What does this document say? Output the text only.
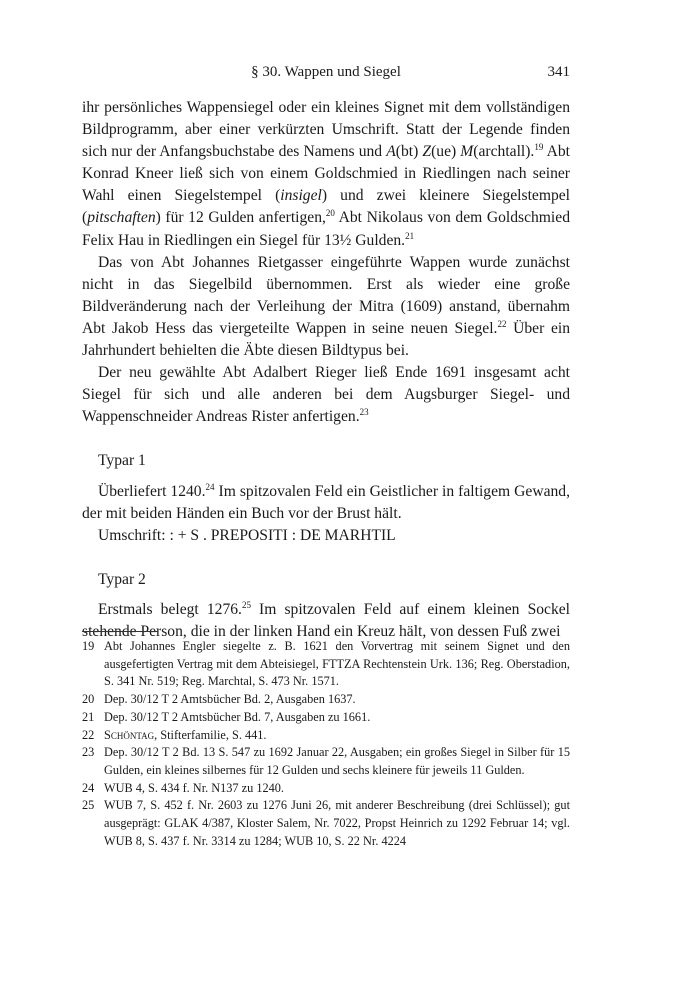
§ 30. Wappen und Siegel	341

ihr persönliches Wappensiegel oder ein kleines Signet mit dem vollständigen Bildprogramm, aber einer verkürzten Umschrift. Statt der Legende finden sich nur der Anfangsbuchstabe des Namens und A(bt) Z(ue) M(archtall).$^{19}$ Abt Konrad Kneer ließ sich von einem Goldschmied in Riedlingen nach seiner Wahl einen Siegelstempel (insigel) und zwei kleinere Siegelstempel (pitschaften) für 12 Gulden anfertigen,$^{20}$ Abt Nikolaus von dem Goldschmied Felix Hau in Riedlingen ein Siegel für 13½ Gulden.$^{21}$

Das von Abt Johannes Rietgasser eingeführte Wappen wurde zunächst nicht in das Siegelbild übernommen. Erst als wieder eine große Bildveränderung nach der Verleihung der Mitra (1609) anstand, übernahm Abt Jakob Hess das viergeteilte Wappen in seine neuen Siegel.$^{22}$ Über ein Jahrhundert behielten die Äbte diesen Bildtypus bei.

Der neu gewählte Abt Adalbert Rieger ließ Ende 1691 insgesamt acht Siegel für sich und alle anderen bei dem Augsburger Siegel- und Wappenschneider Andreas Rister anfertigen.$^{23}$

Typar 1

Überliefert 1240.24 Im spitzovalen Feld ein Geistlicher in faltigem Gewand, der mit beiden Händen ein Buch vor der Brust hält.

Umschrift: : + S . PREPOSITI : DE MARHTIL

Typar 2

Erstmals belegt 1276.25 Im spitzovalen Feld auf einem kleinen Sockel stehende Person, die in der linken Hand ein Kreuz hält, von dessen Fuß zwei

19 Abt Johannes Engler siegelte z. B. 1621 den Vorvertrag mit seinem Signet und den ausgefertigten Vertrag mit dem Abteisiegel, FTTZA Rechtenstein Urk. 136; Reg. Oberstadion, S. 341 Nr. 519; Reg. Marchtal, S. 473 Nr. 1571.
20 Dep. 30/12 T 2 Amtsbücher Bd. 2, Ausgaben 1637.
21 Dep. 30/12 T 2 Amtsbücher Bd. 7, Ausgaben zu 1661.
22 Schöntag, Stifterfamilie, S. 441.
23 Dep. 30/12 T 2 Bd. 13 S. 547 zu 1692 Januar 22, Ausgaben; ein großes Siegel in Silber für 15 Gulden, ein kleines silbernes für 12 Gulden und sechs kleinere für jeweils 11 Gulden.
24 WUB 4, S. 434 f. Nr. N137 zu 1240.
25 WUB 7, S. 452 f. Nr. 2603 zu 1276 Juni 26, mit anderer Beschreibung (drei Schlüssel); gut ausgeprägt: GLAK 4/387, Kloster Salem, Nr. 7022, Propst Heinrich zu 1292 Februar 14; vgl. WUB 8, S. 437 f. Nr. 3314 zu 1284; WUB 10, S. 22 Nr. 4224
